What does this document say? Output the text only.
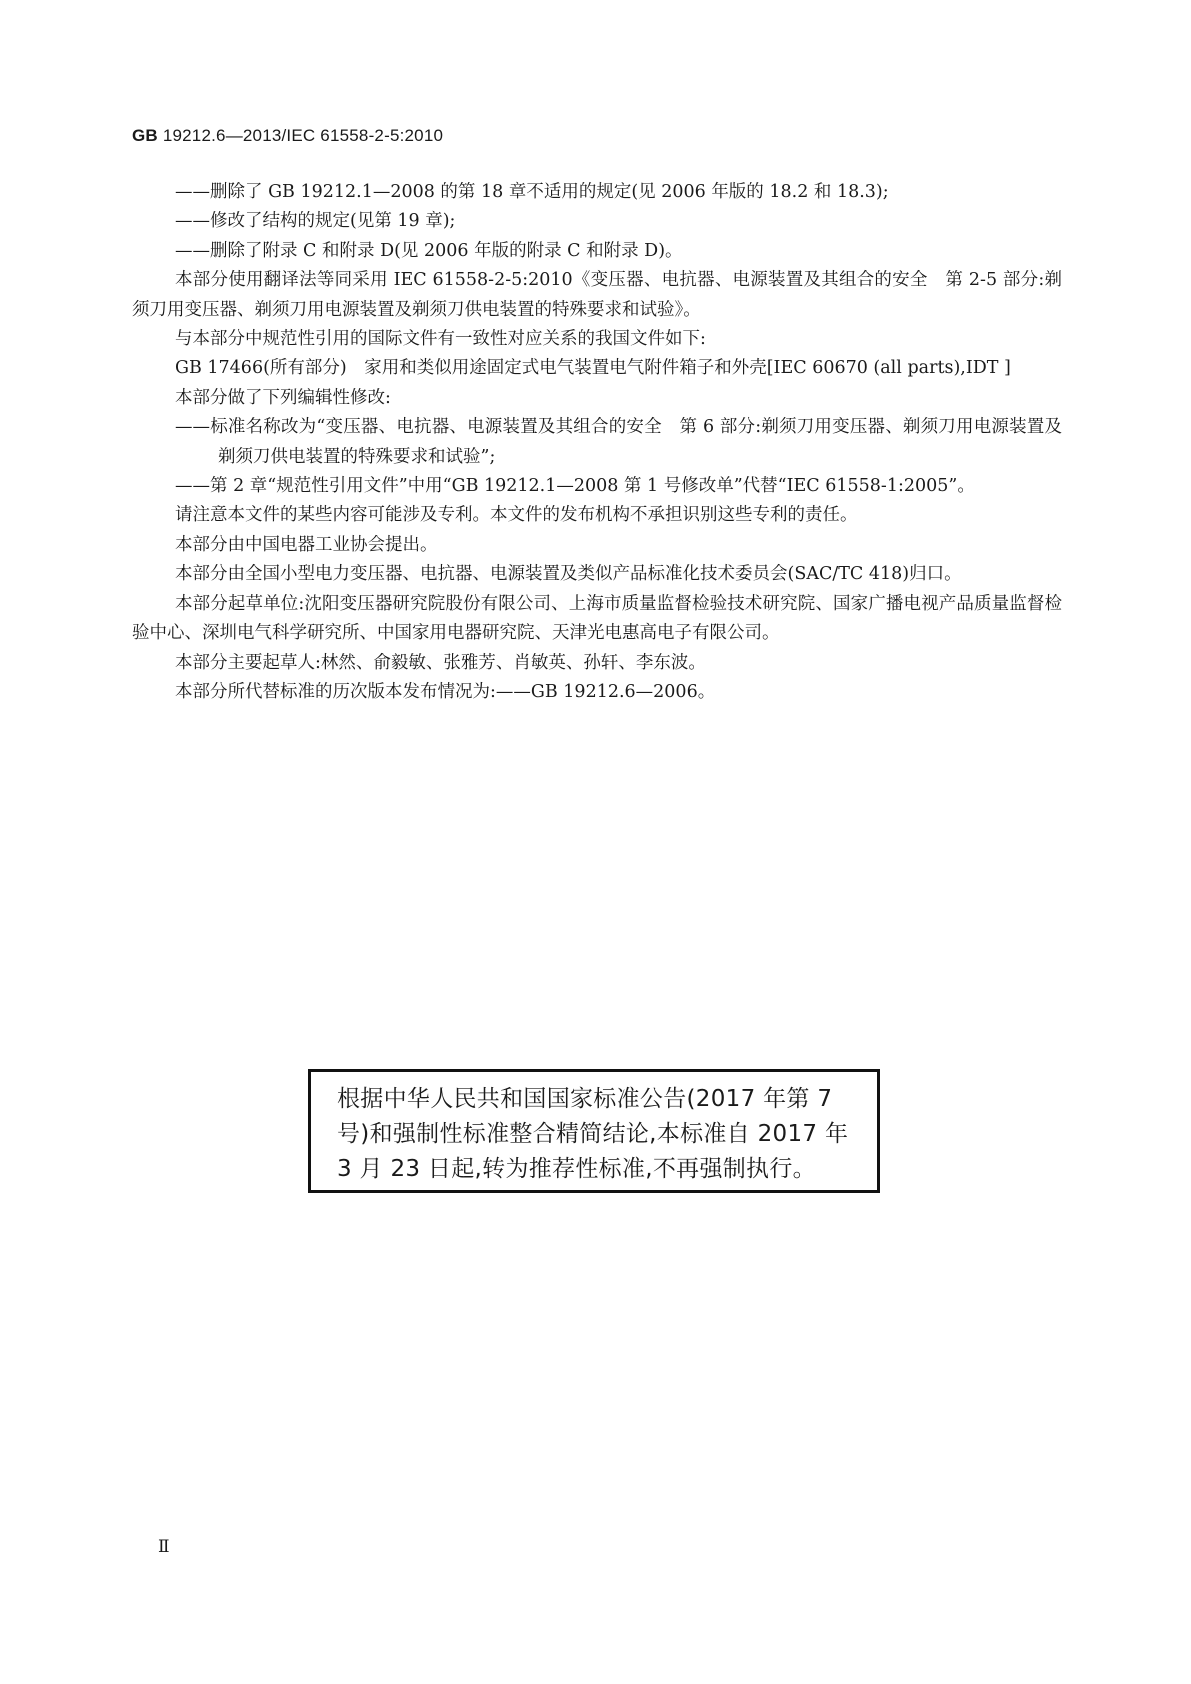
GB 19212.6—2013/IEC 61558-2-5:2010

——删除了 GB 19212.1—2008 的第 18 章不适用的规定(见 2006 年版的 18.2 和 18.3);

——修改了结构的规定(见第 19 章);

——删除了附录 C 和附录 D(见 2006 年版的附录 C 和附录 D)。

本部分使用翻译法等同采用 IEC 61558-2-5:2010《变压器、电抗器、电源装置及其组合的安全　第 2-5 部分:剃须刀用变压器、剃须刀用电源装置及剃须刀供电装置的特殊要求和试验》。

与本部分中规范性引用的国际文件有一致性对应关系的我国文件如下:

GB 17466(所有部分)　家用和类似用途固定式电气装置电气附件箱子和外壳[IEC 60670 (all parts),IDT ]

本部分做了下列编辑性修改:

——标准名称改为“变压器、电抗器、电源装置及其组合的安全　第 6 部分:剃须刀用变压器、剃须刀用电源装置及剃须刀供电装置的特殊要求和试验”;

——第 2 章“规范性引用文件”中用“GB 19212.1—2008 第 1 号修改单”代替“IEC 61558-1:2005”。

请注意本文件的某些内容可能涉及专利。本文件的发布机构不承担识别这些专利的责任。

本部分由中国电器工业协会提出。

本部分由全国小型电力变压器、电抗器、电源装置及类似产品标准化技术委员会(SAC/TC 418)归口。

本部分起草单位:沈阳变压器研究院股份有限公司、上海市质量监督检验技术研究院、国家广播电视产品质量监督检验中心、深圳电气科学研究所、中国家用电器研究院、天津光电惠高电子有限公司。

本部分主要起草人:林然、俞毅敏、张雅芳、肖敏英、孙轩、李东波。

本部分所代替标准的历次版本发布情况为:——GB 19212.6—2006。

根据中华人民共和国国家标准公告(2017 年第 7 号)和强制性标准整合精简结论,本标准自 2017 年 3 月 23 日起,转为推荐性标准,不再强制执行。

Ⅱ
